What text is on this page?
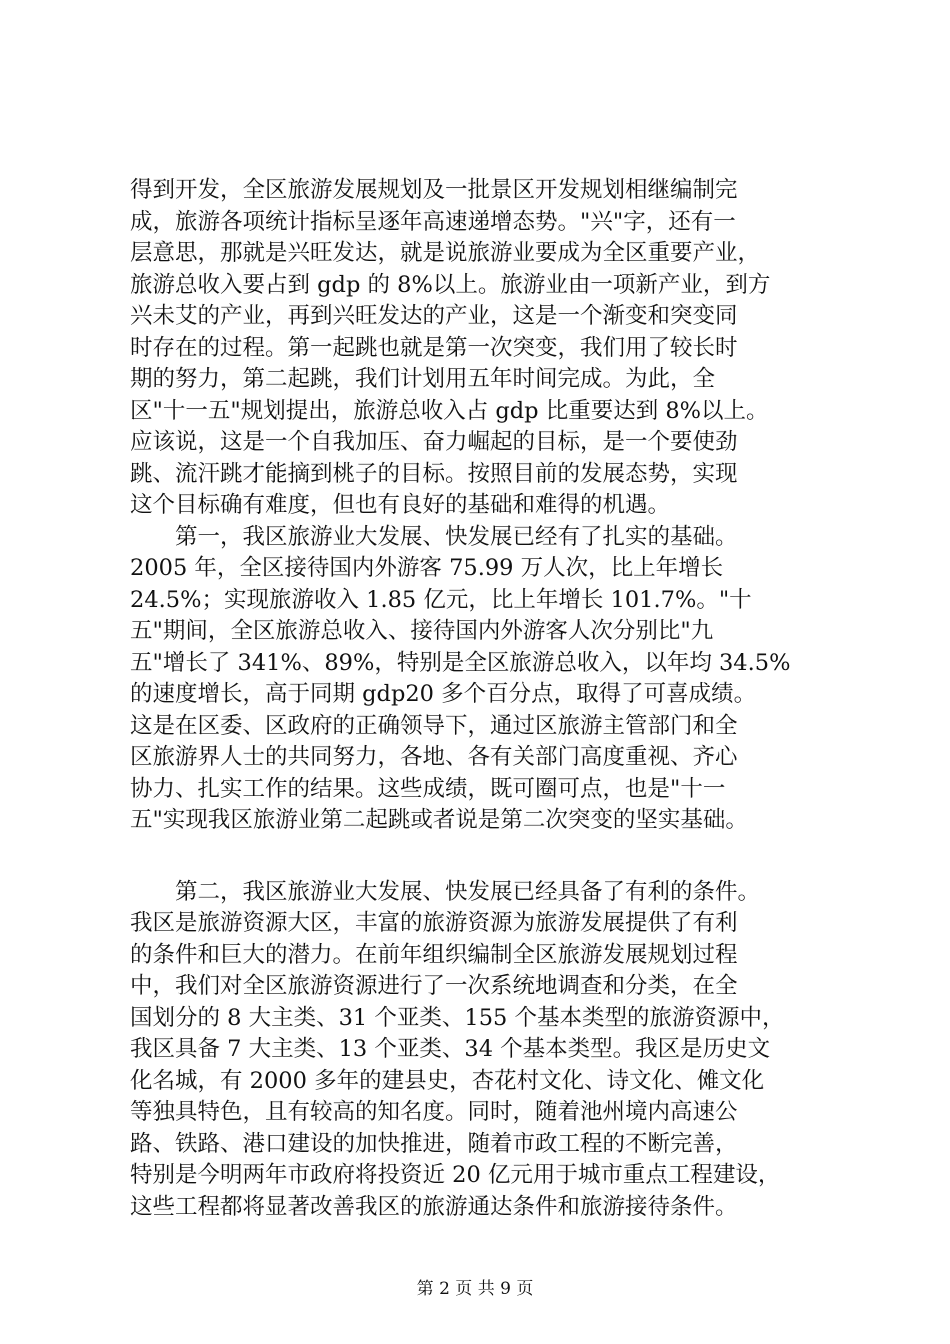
得到开发，全区旅游发展规划及一批景区开发规划相继编制完
成，旅游各项统计指标呈逐年高速递增态势。"兴"字，还有一
层意思，那就是兴旺发达，就是说旅游业要成为全区重要产业，
旅游总收入要占到 gdp 的 8%以上。旅游业由一项新产业，到方
兴未艾的产业，再到兴旺发达的产业，这是一个渐变和突变同
时存在的过程。第一起跳也就是第一次突变，我们用了较长时
期的努力，第二起跳，我们计划用五年时间完成。为此，全
区"十一五"规划提出，旅游总收入占 gdp 比重要达到 8%以上。
应该说，这是一个自我加压、奋力崛起的目标，是一个要使劲
跳、流汗跳才能摘到桃子的目标。按照目前的发展态势，实现
这个目标确有难度，但也有良好的基础和难得的机遇。
　　第一，我区旅游业大发展、快发展已经有了扎实的基础。
2005 年，全区接待国内外游客 75.99 万人次，比上年增长
24.5%；实现旅游收入 1.85 亿元，比上年增长 101.7%。"十
五"期间，全区旅游总收入、接待国内外游客人次分别比"九
五"增长了 341%、89%，特别是全区旅游总收入，以年均 34.5%
的速度增长，高于同期 gdp20 多个百分点，取得了可喜成绩。
这是在区委、区政府的正确领导下，通过区旅游主管部门和全
区旅游界人士的共同努力，各地、各有关部门高度重视、齐心
协力、扎实工作的结果。这些成绩，既可圈可点，也是"十一
五"实现我区旅游业第二起跳或者说是第二次突变的坚实基础。
　　第二，我区旅游业大发展、快发展已经具备了有利的条件。
我区是旅游资源大区，丰富的旅游资源为旅游发展提供了有利
的条件和巨大的潜力。在前年组织编制全区旅游发展规划过程
中，我们对全区旅游资源进行了一次系统地调查和分类，在全
国划分的 8 大主类、31 个亚类、155 个基本类型的旅游资源中，
我区具备 7 大主类、13 个亚类、34 个基本类型。我区是历史文
化名城，有 2000 多年的建县史，杏花村文化、诗文化、傩文化
等独具特色，且有较高的知名度。同时，随着池州境内高速公
路、铁路、港口建设的加快推进，随着市政工程的不断完善，
特别是今明两年市政府将投资近 20 亿元用于城市重点工程建设，
这些工程都将显著改善我区的旅游通达条件和旅游接待条件。
第 2 页 共 9 页
